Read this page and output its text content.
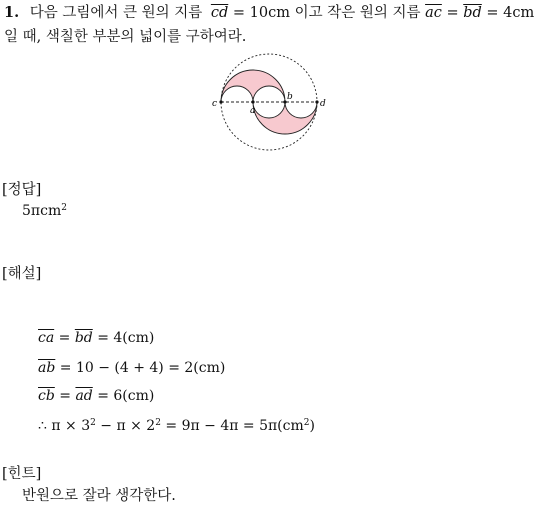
1. 다음 그림에서 큰 원의 지름 $\overline{cd} = 10cm$ 이고 작은 원의 지름 $\overline{ac} = \overline{bd} = 4cm$
일 때, 색칠한 부분의 넓이를 구하여라.
c
a
b
d
[정답]
5πcm$^2$
[해설]
$\overline{ca} = \overline{bd} = 4(cm)$
$\overline{ab} = 10 - (4 + 4) = 2(cm)$
$\overline{cb} = \overline{ad} = 6(cm)$
∴ $\pi \times 3^2 - \pi \times 2^2 = 9\pi - 4\pi = 5\pi(cm^2)$
[힌트]
반원으로 잘라 생각한다.
